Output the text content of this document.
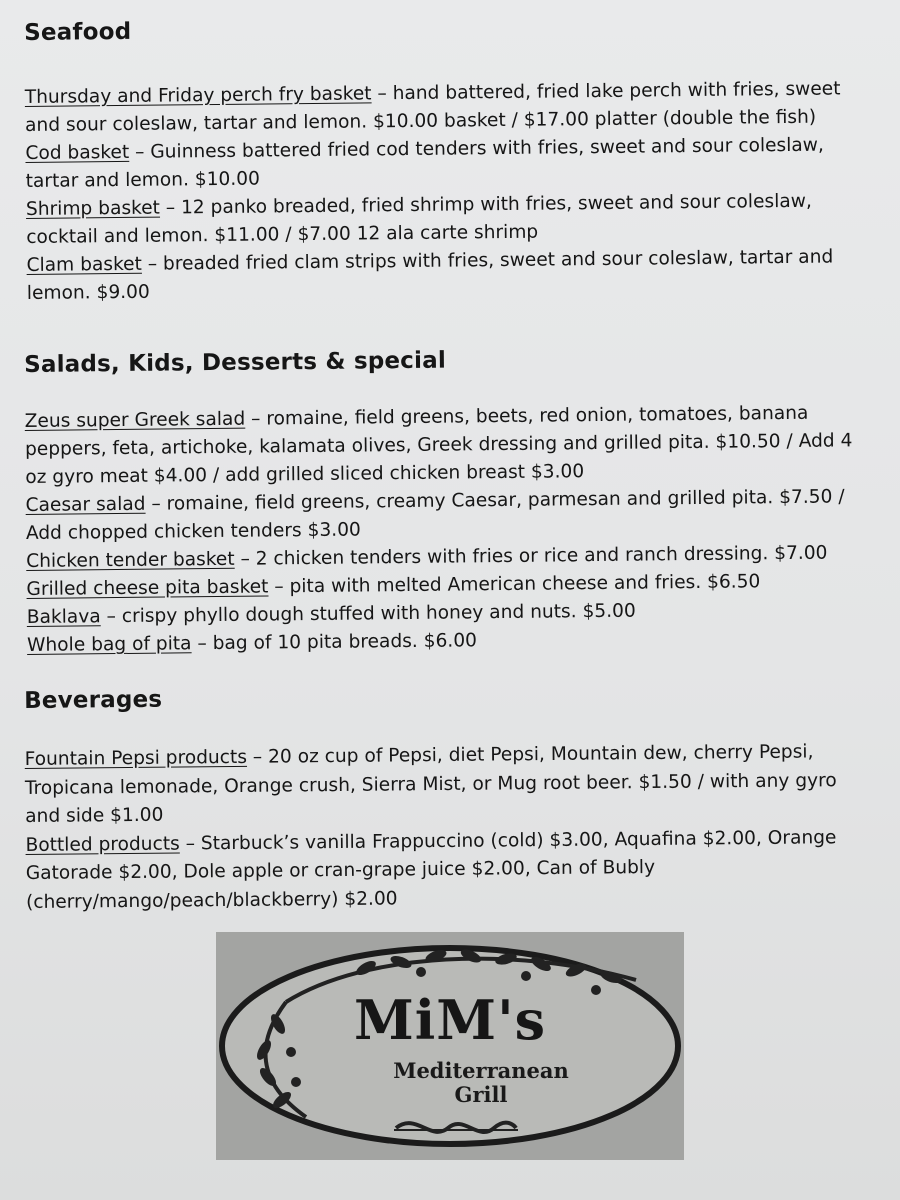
Seafood

Thursday and Friday perch fry basket – hand battered, fried lake perch with fries, sweet and sour coleslaw, tartar and lemon. $10.00 basket / $17.00 platter (double the fish)

Cod basket – Guinness battered fried cod tenders with fries, sweet and sour coleslaw, tartar and lemon. $10.00

Shrimp basket – 12 panko breaded, fried shrimp with fries, sweet and sour coleslaw, cocktail and lemon. $11.00 / $7.00 12 ala carte shrimp

Clam basket – breaded fried clam strips with fries, sweet and sour coleslaw, tartar and lemon. $9.00

Salads, Kids, Desserts & special

Zeus super Greek salad – romaine, field greens, beets, red onion, tomatoes, banana peppers, feta, artichoke, kalamata olives, Greek dressing and grilled pita. $10.50 / Add 4 oz gyro meat $4.00 / add grilled sliced chicken breast $3.00

Caesar salad – romaine, field greens, creamy Caesar, parmesan and grilled pita. $7.50 / Add chopped chicken tenders $3.00

Chicken tender basket – 2 chicken tenders with fries or rice and ranch dressing. $7.00

Grilled cheese pita basket – pita with melted American cheese and fries. $6.50

Baklava – crispy phyllo dough stuffed with honey and nuts. $5.00

Whole bag of pita – bag of 10 pita breads. $6.00

Beverages

Fountain Pepsi products – 20 oz cup of Pepsi, diet Pepsi, Mountain dew, cherry Pepsi, Tropicana lemonade, Orange crush, Sierra Mist, or Mug root beer. $1.50 / with any gyro and side $1.00

Bottled products – Starbuck’s vanilla Frappuccino (cold) $3.00, Aquafina $2.00, Orange Gatorade $2.00, Dole apple or cran-grape juice $2.00, Can of Bubly (cherry/mango/peach/blackberry) $2.00

MiM's
Mediterranean
Grill
